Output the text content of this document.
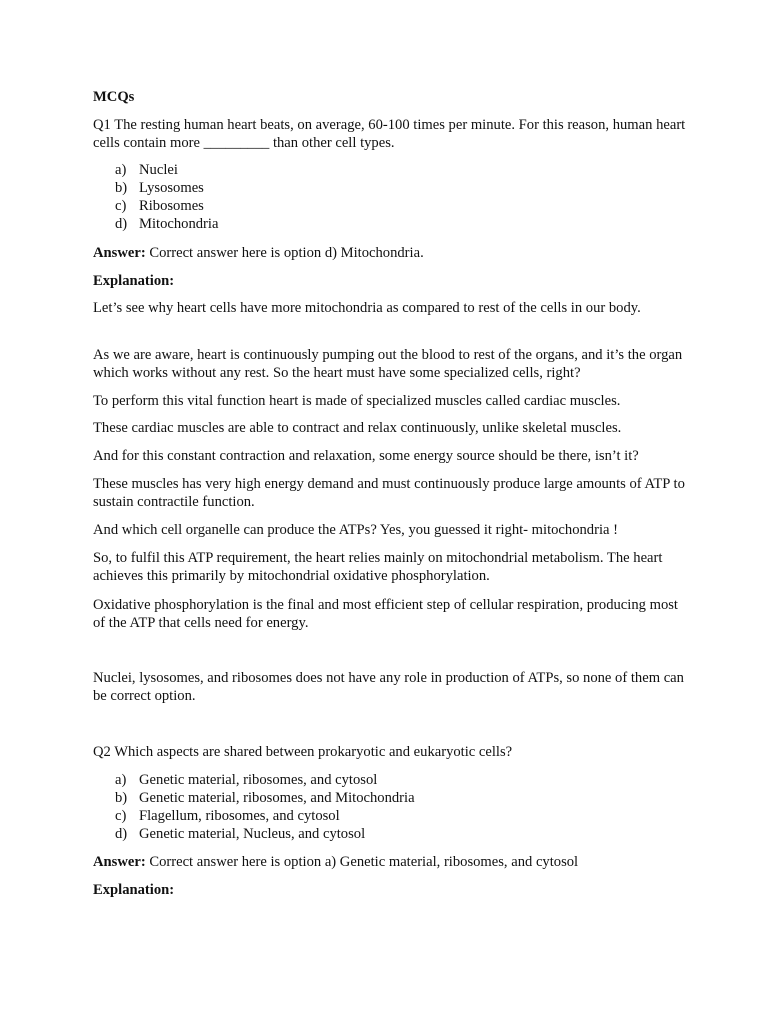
MCQs

Q1 The resting human heart beats, on average, 60-100 times per minute. For this reason, human heart cells contain more _________ than other cell types.

a) Nuclei
b) Lysosomes
c) Ribosomes
d) Mitochondria

Answer: Correct answer here is option d) Mitochondria.

Explanation:

Let’s see why heart cells have more mitochondria as compared to rest of the cells in our body.

As we are aware, heart is continuously pumping out the blood to rest of the organs, and it’s the organ which works without any rest. So the heart must have some specialized cells, right?

To perform this vital function heart is made of specialized muscles called cardiac muscles.

These cardiac muscles are able to contract and relax continuously, unlike skeletal muscles.

And for this constant contraction and relaxation, some energy source should be there, isn’t it?

These muscles has very high energy demand and must continuously produce large amounts of ATP to sustain contractile function.

And which cell organelle can produce the ATPs? Yes, you guessed it right- mitochondria !

So, to fulfil this ATP requirement, the heart relies mainly on mitochondrial metabolism. The heart achieves this primarily by mitochondrial oxidative phosphorylation.

Oxidative phosphorylation is the final and most efficient step of cellular respiration, producing most of the ATP that cells need for energy.

Nuclei, lysosomes, and ribosomes does not have any role in production of ATPs, so none of them can be correct option.

Q2 Which aspects are shared between prokaryotic and eukaryotic cells?

a) Genetic material, ribosomes, and cytosol
b) Genetic material, ribosomes, and Mitochondria
c) Flagellum, ribosomes, and cytosol
d) Genetic material, Nucleus, and cytosol

Answer: Correct answer here is option a) Genetic material, ribosomes, and cytosol

Explanation:
